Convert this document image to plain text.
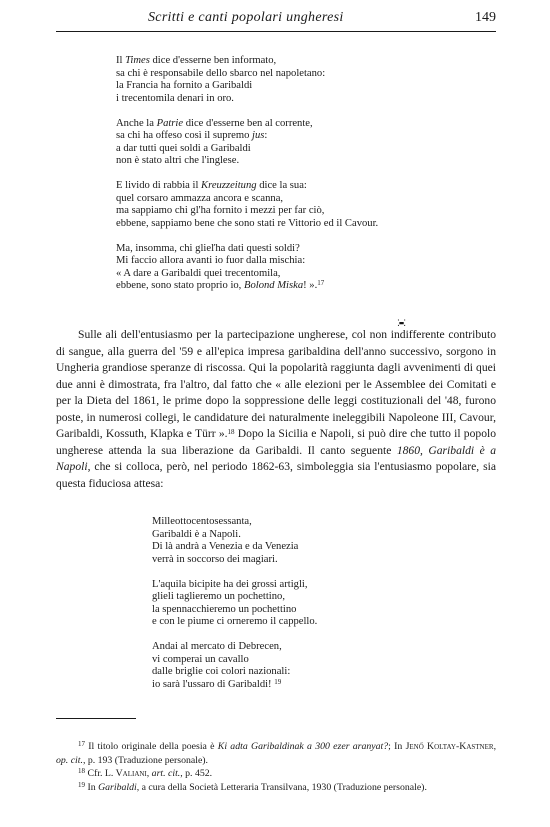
Scritti e canti popolari ungheresi	149
Il Times dice d'esserne ben informato,
sa chi è responsabile dello sbarco nel napoletano:
la Francia ha fornito a Garibaldi
i trecentomila denari in oro.
Anche la Patrie dice d'esserne ben al corrente,
sa chi ha offeso così il supremo jus:
a dar tutti quei soldi a Garibaldi
non è stato altri che l'inglese.
E livido di rabbia il Kreuzzeitung dice la sua:
quel corsaro ammazza ancora e scanna,
ma sappiamo chi gl'ha fornito i mezzi per far ciò,
ebbene, sappiamo bene che sono stati re Vittorio ed il Cavour.
Ma, insomma, chi glieľha dati questi soldi?
Mi faccio allora avanti io fuor dalla mischia:
« A dare a Garibaldi quei trecentomila,
ebbene, sono stato proprio io, Bolond Miska! ».$^{17}$
⁚▪▪⁚

Sulle ali dell'entusiasmo per la partecipazione ungherese, col non indifferente contributo di sangue, alla guerra del '59 e all'epica impresa garibaldina dell'anno successivo, sorgono in Ungheria grandiose speranze di riscossa. Qui la popolarità raggiunta dagli avvenimenti di quei due anni è dimostrata, fra l'altro, dal fatto che « alle elezioni per le Assemblee dei Comitati e per la Dieta del 1861, le prime dopo la soppressione delle leggi costituzionali del '48, furono poste, in numerosi collegi, le candidature dei naturalmente ineleggibili Napoleone III, Cavour, Garibaldi, Kossuth, Klapka e Türr ».$^{18}$ Dopo la Sicilia e Napoli, si può dire che tutto il popolo ungherese attenda la sua liberazione da Garibaldi. Il canto seguente 1860, Garibaldi è a Napoli, che si colloca, però, nel periodo 1862-63, simboleggia sia l'entusiasmo popolare, sia questa fiduciosa attesa:

Milleottocentosessanta,
Garibaldi è a Napoli.
Di là andrà a Venezia e da Venezia
verrà in soccorso dei magiari.
L'aquila bicipite ha dei grossi artigli,
glieli taglieremo un pochettino,
la spennacchieremo un pochettino
e con le piume ci orneremo il cappello.
Andai al mercato di Debrecen,
vi comperai un cavallo
dalle briglie coi colori nazionali:
io sarà l'ussaro di Garibaldi! $^{19}$

$^{17}$ Il titolo originale della poesia è Ki adta Garibaldinak a 300 ezer aranyat?; In Jenő Koltay-Kastner, op. cit., p. 193 (Traduzione personale).

$^{18}$ Cfr. L. Valiani, art. cit., p. 452.

$^{19}$ In Garibaldi, a cura della Società Letteraria Transilvana, 1930 (Traduzione personale).
